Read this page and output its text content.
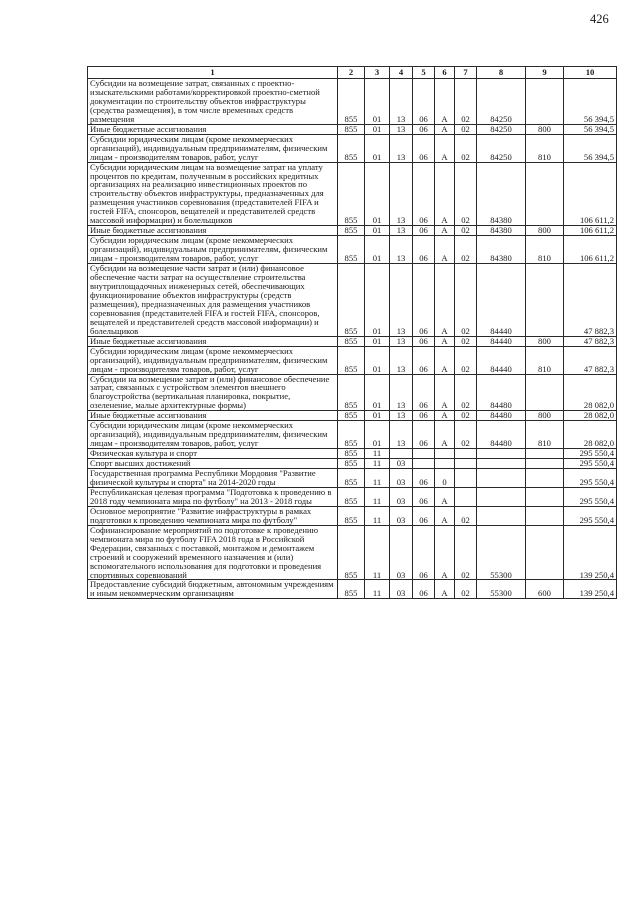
426
1	2	3	4	5	6	7	8	9	10
Субсидии на возмещение затрат, связанных с проектно-изыскательскими работами/корректировкой проектно-сметной документации по строительству объектов инфраструктуры (средства размещения), в том числе временных средств размещения	855	01	13	06	А	02	84250		56 394,5
Иные бюджетные ассигнования	855	01	13	06	А	02	84250	800	56 394,5
Субсидии юридическим лицам (кроме некоммерческих организаций), индивидуальным предпринимателям, физическим лицам - производителям товаров, работ, услуг	855	01	13	06	А	02	84250	810	56 394,5
Субсидии юридическим лицам на возмещение затрат на уплату процентов по кредитам, полученным в российских кредитных организациях на реализацию инвестиционных проектов по строительству объектов инфраструктуры, предназначенных для размещения участников соревнования (представителей FIFA и гостей FIFA, спонсоров, вещателей и представителей средств массовой информации) и болельщиков	855	01	13	06	А	02	84380		106 611,2
Иные бюджетные ассигнования	855	01	13	06	А	02	84380	800	106 611,2
Субсидии юридическим лицам (кроме некоммерческих организаций), индивидуальным предпринимателям, физическим лицам - производителям товаров, работ, услуг	855	01	13	06	А	02	84380	810	106 611,2
Субсидии на возмещение части затрат и (или) финансовое обеспечение части затрат на осуществление строительства внутриплощадочных инженерных сетей, обеспечивающих функционирование объектов инфраструктуры (средств размещения), предназначенных для размещения участников соревнования (представителей FIFA и гостей FIFA, спонсоров, вещателей и представителей средств массовой информации) и болельщиков	855	01	13	06	А	02	84440		47 882,3
Иные бюджетные ассигнования	855	01	13	06	А	02	84440	800	47 882,3
Субсидии юридическим лицам (кроме некоммерческих организаций), индивидуальным предпринимателям, физическим лицам - производителям товаров, работ, услуг	855	01	13	06	А	02	84440	810	47 882,3
Субсидии на возмещение затрат и (или) финансовое обеспечение затрат, связанных с устройством элементов внешнего благоустройства (вертикальная планировка, покрытие, озеленение, малые архитектурные формы)	855	01	13	06	А	02	84480		28 082,0
Иные бюджетные ассигнования	855	01	13	06	А	02	84480	800	28 082,0
Субсидии юридическим лицам (кроме некоммерческих организаций), индивидуальным предпринимателям, физическим лицам - производителям товаров, работ, услуг	855	01	13	06	А	02	84480	810	28 082,0
Физическая культура и спорт	855	11							295 550,4
Спорт высших достижений	855	11	03						295 550,4
Государственная программа Республики Мордовия "Развитие физической культуры и спорта" на 2014-2020 годы	855	11	03	06	0				295 550,4
Республиканская целевая программа "Подготовка к проведению в 2018 году чемпионата мира по футболу" на 2013 - 2018 годы	855	11	03	06	А				295 550,4
Основное мероприятие "Развитие инфраструктуры в рамках подготовки к проведению чемпионата мира по футболу"	855	11	03	06	А	02			295 550,4
Софинансирование мероприятий по подготовке к проведению чемпионата мира по футболу FIFA 2018 года в Российской Федерации, связанных с поставкой, монтажом и демонтажем строений и сооружений временного назначения и (или) вспомогательного использования для подготовки и проведения спортивных соревнований	855	11	03	06	А	02	55300		139 250,4
Предоставление субсидий бюджетным, автономным учреждениям и иным некоммерческим организациям	855	11	03	06	А	02	55300	600	139 250,4
